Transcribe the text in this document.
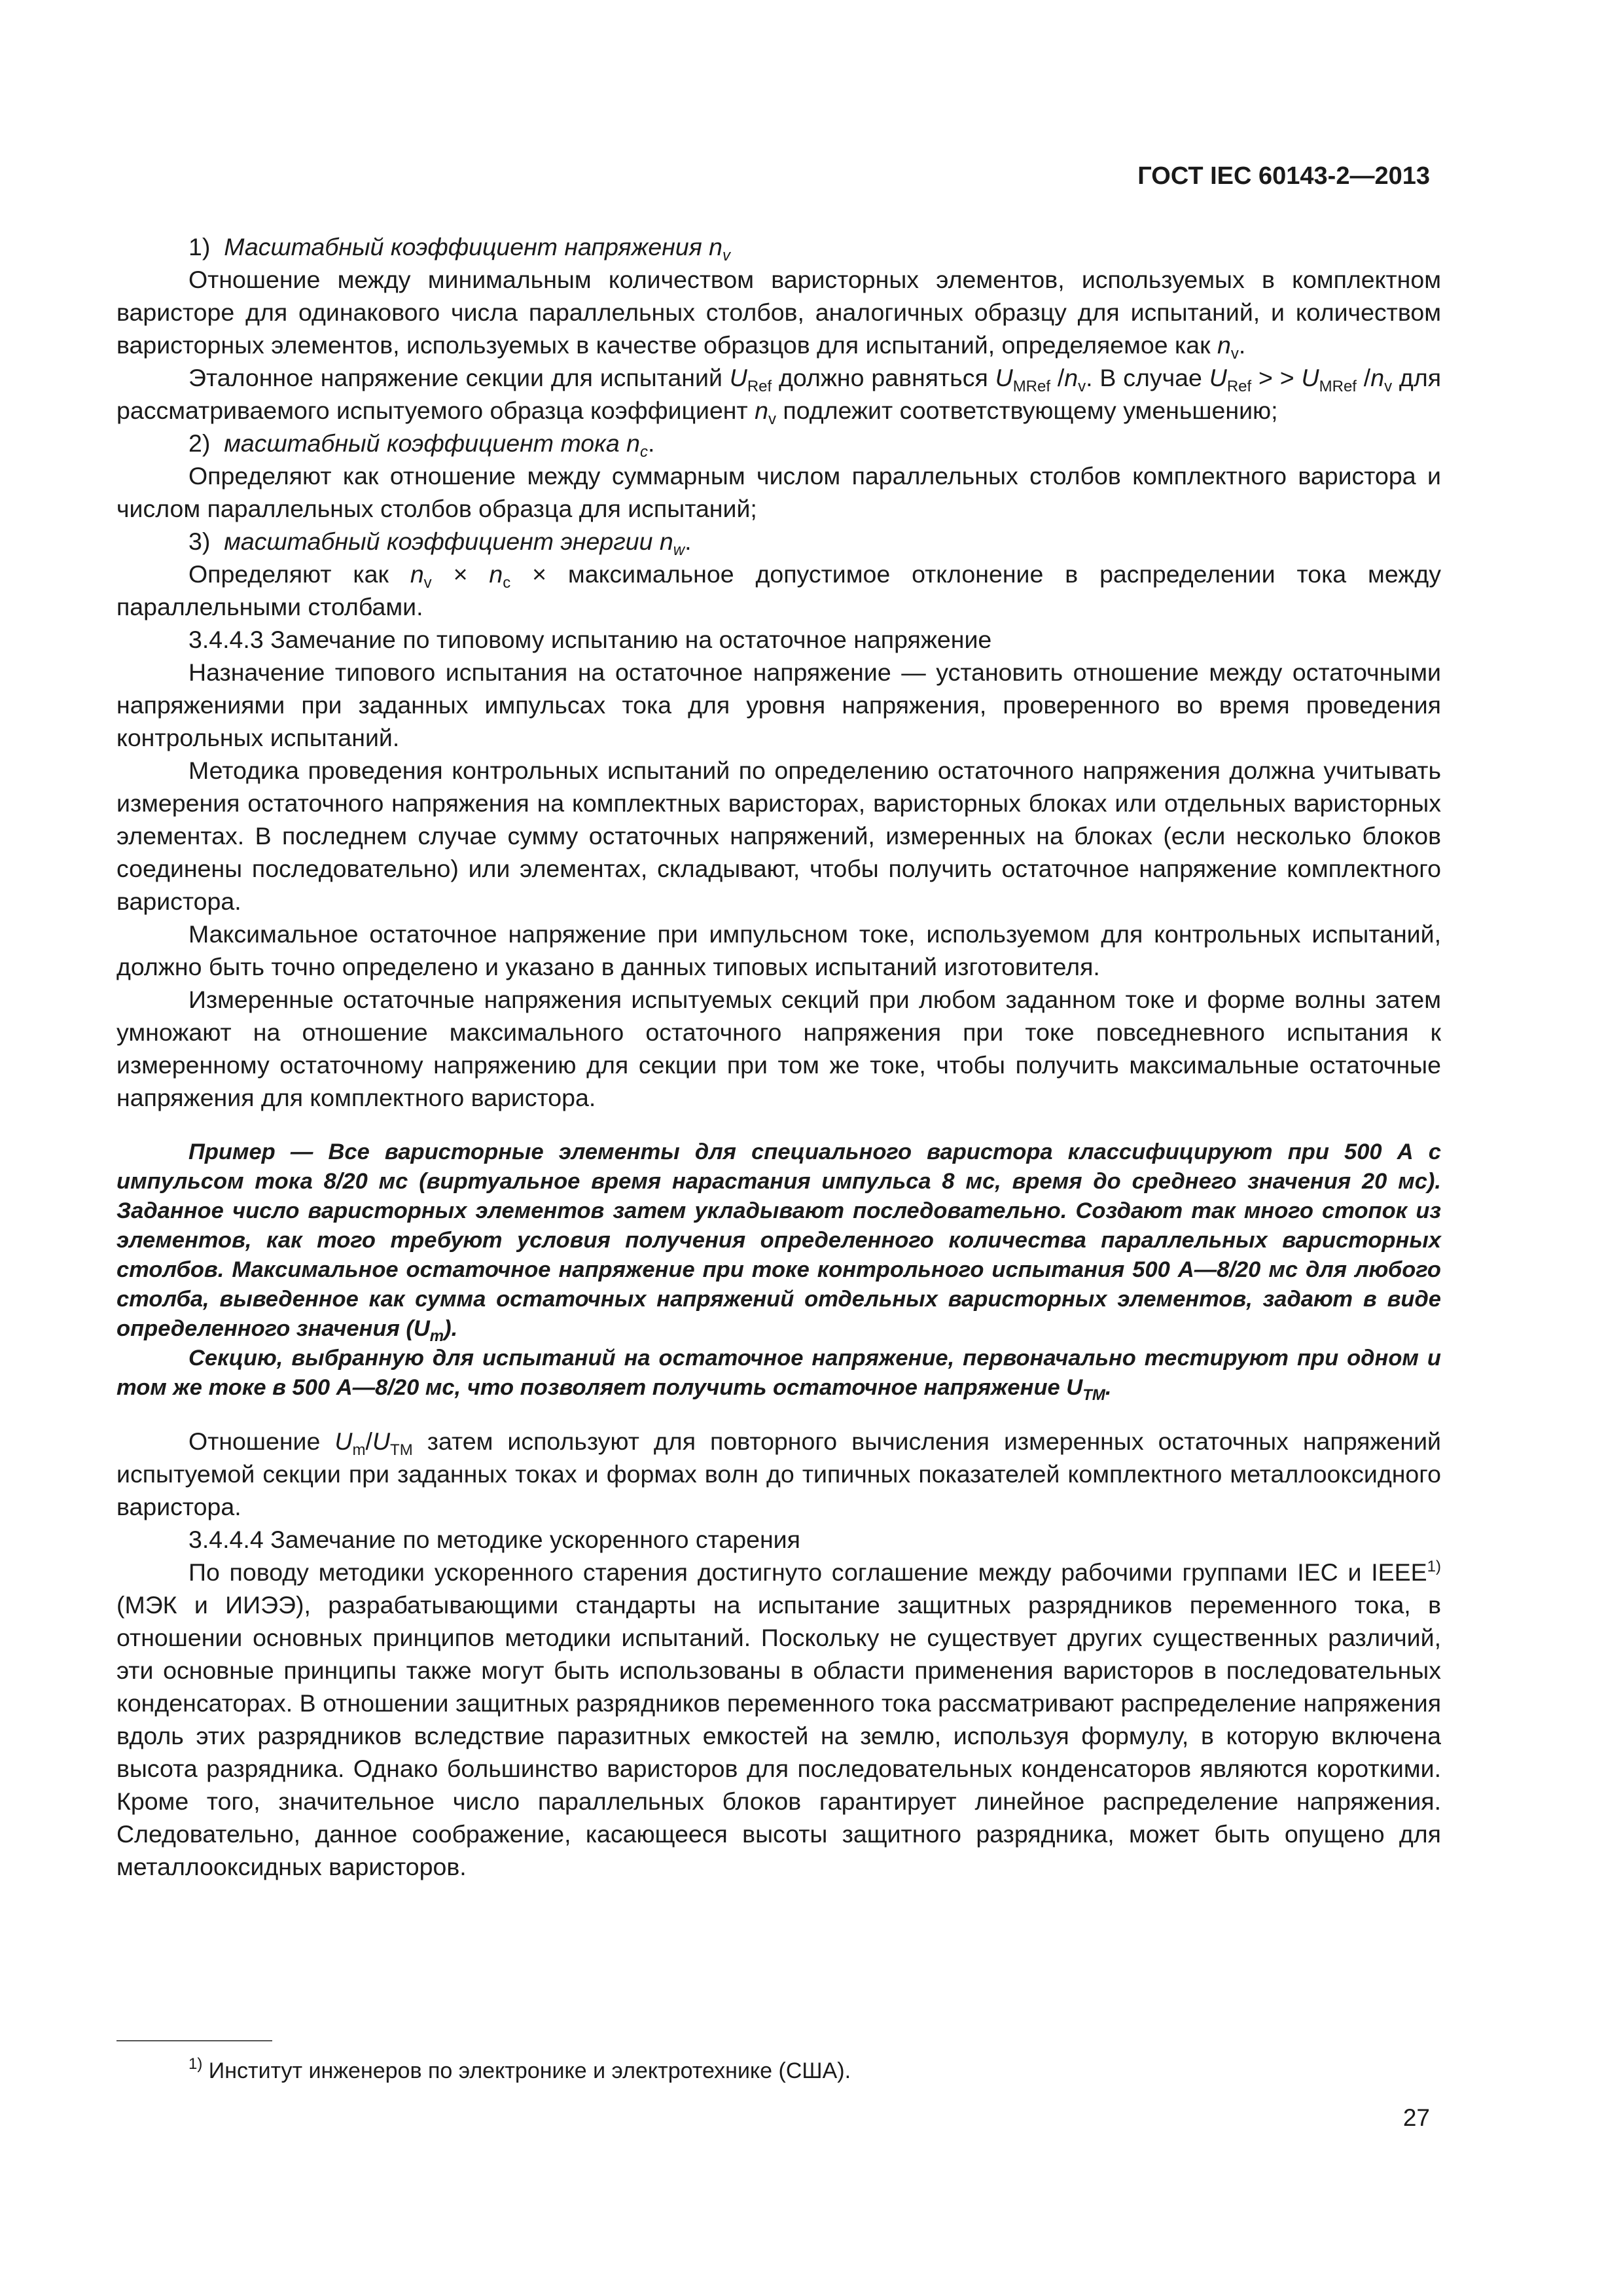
ГОСТ IEC 60143-2—2013

1) Масштабный коэффициент напряжения $n_v$

Отношение между минимальным количеством варисторных элементов, используемых в комплектном варисторе для одинакового числа параллельных столбов, аналогичных образцу для испытаний, и количеством варисторных элементов, используемых в качестве образцов для испытаний, определяемое как $n_v$.

Эталонное напряжение секции для испытаний $U_{Ref}$ должно равняться $U_{MRef}$ $/n_v$. В случае $U_{Ref}$ > > $U_{MRef}$ $/n_v$ для рассматриваемого испытуемого образца коэффициент $n_v$ подлежит соответствующему уменьшению;

2) масштабный коэффициент тока $n_c$.

Определяют как отношение между суммарным числом параллельных столбов комплектного варистора и числом параллельных столбов образца для испытаний;

3) масштабный коэффициент энергии $n_w$.

Определяют как $n_v \times n_c$ × максимальное допустимое отклонение в распределении тока между параллельными столбами.

3.4.4.3 Замечание по типовому испытанию на остаточное напряжение

Назначение типового испытания на остаточное напряжение — установить отношение между остаточными напряжениями при заданных импульсах тока для уровня напряжения, проверенного во время проведения контрольных испытаний.

Методика проведения контрольных испытаний по определению остаточного напряжения должна учитывать измерения остаточного напряжения на комплектных варисторах, варисторных блоках или отдельных варисторных элементах. В последнем случае сумму остаточных напряжений, измеренных на блоках (если несколько блоков соединены последовательно) или элементах, складывают, чтобы получить остаточное напряжение комплектного варистора.

Максимальное остаточное напряжение при импульсном токе, используемом для контрольных испытаний, должно быть точно определено и указано в данных типовых испытаний изготовителя.

Измеренные остаточные напряжения испытуемых секций при любом заданном токе и форме волны затем умножают на отношение максимального остаточного напряжения при токе повседневного испытания к измеренному остаточному напряжению для секции при том же токе, чтобы получить максимальные остаточные напряжения для комплектного варистора.

Пример — Все варисторные элементы для специального варистора классифицируют при 500 А с импульсом тока 8/20 мс (виртуальное время нарастания импульса 8 мс, время до среднего значения 20 мс). Заданное число варисторных элементов затем укладывают последовательно. Создают так много стопок из элементов, как того требуют условия получения определенного количества параллельных варисторных столбов. Максимальное остаточное напряжение при токе контрольного испытания 500 А—8/20 мс для любого столба, выведенное как сумма остаточных напряжений отдельных варисторных элементов, задают в виде определенного значения $(U_m)$.

Секцию, выбранную для испытаний на остаточное напряжение, первоначально тестируют при одном и том же токе в 500 А—8/20 мс, что позволяет получить остаточное напряжение $U_{TM}$.

Отношение $U_m/U_{TM}$ затем используют для повторного вычисления измеренных остаточных напряжений испытуемой секции при заданных токах и формах волн до типичных показателей комплектного металлооксидного варистора.

3.4.4.4 Замечание по методике ускоренного старения

По поводу методики ускоренного старения достигнуто соглашение между рабочими группами IEC и IEEE$^{1)}$ (МЭК и ИИЭЭ), разрабатывающими стандарты на испытание защитных разрядников переменного тока, в отношении основных принципов методики испытаний. Поскольку не существует других существенных различий, эти основные принципы также могут быть использованы в области применения варисторов в последовательных конденсаторах. В отношении защитных разрядников переменного тока рассматривают распределение напряжения вдоль этих разрядников вследствие паразитных емкостей на землю, используя формулу, в которую включена высота разрядника. Однако большинство варисторов для последовательных конденсаторов являются короткими. Кроме того, значительное число параллельных блоков гарантирует линейное распределение напряжения. Следовательно, данное соображение, касающееся высоты защитного разрядника, может быть опущено для металлооксидных варисторов.

$^{1)}$ Институт инженеров по электронике и электротехнике (США).
27
